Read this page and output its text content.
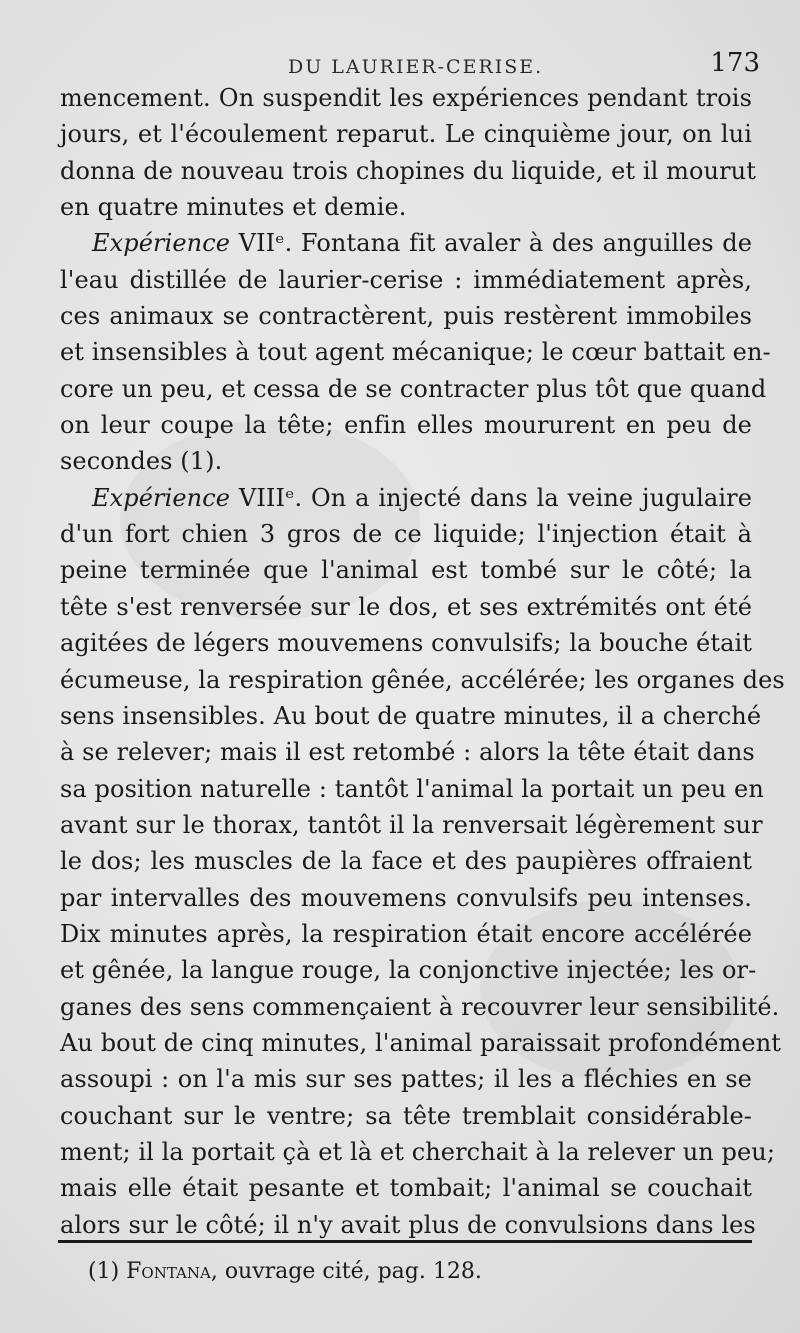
DU LAURIER-CERISE.	173
mencement. On suspendit les expériences pendant trois
jours, et l'écoulement reparut. Le cinquième jour, on lui
donna de nouveau trois chopines du liquide, et il mourut
en quatre minutes et demie.
Expérience VIIᵉ. Fontana fit avaler à des anguilles de
l'eau distillée de laurier-cerise : immédiatement après,
ces animaux se contractèrent, puis restèrent immobiles
et insensibles à tout agent mécanique; le cœur battait en-
core un peu, et cessa de se contracter plus tôt que quand
on leur coupe la tête; enfin elles moururent en peu de
secondes (1).
Expérience VIIIᵉ. On a injecté dans la veine jugulaire
d'un fort chien 3 gros de ce liquide; l'injection était à
peine terminée que l'animal est tombé sur le côté; la
tête s'est renversée sur le dos, et ses extrémités ont été
agitées de légers mouvemens convulsifs; la bouche était
écumeuse, la respiration gênée, accélérée; les organes des
sens insensibles. Au bout de quatre minutes, il a cherché
à se relever; mais il est retombé : alors la tête était dans
sa position naturelle : tantôt l'animal la portait un peu en
avant sur le thorax, tantôt il la renversait légèrement sur
le dos; les muscles de la face et des paupières offraient
par intervalles des mouvemens convulsifs peu intenses.
Dix minutes après, la respiration était encore accélérée
et gênée, la langue rouge, la conjonctive injectée; les or-
ganes des sens commençaient à recouvrer leur sensibilité.
Au bout de cinq minutes, l'animal paraissait profondément
assoupi : on l'a mis sur ses pattes; il les a fléchies en se
couchant sur le ventre; sa tête tremblait considérable-
ment; il la portait çà et là et cherchait à la relever un peu;
mais elle était pesante et tombait; l'animal se couchait
alors sur le côté; il n'y avait plus de convulsions dans les
(1) Fontana, ouvrage cité, pag. 128.
